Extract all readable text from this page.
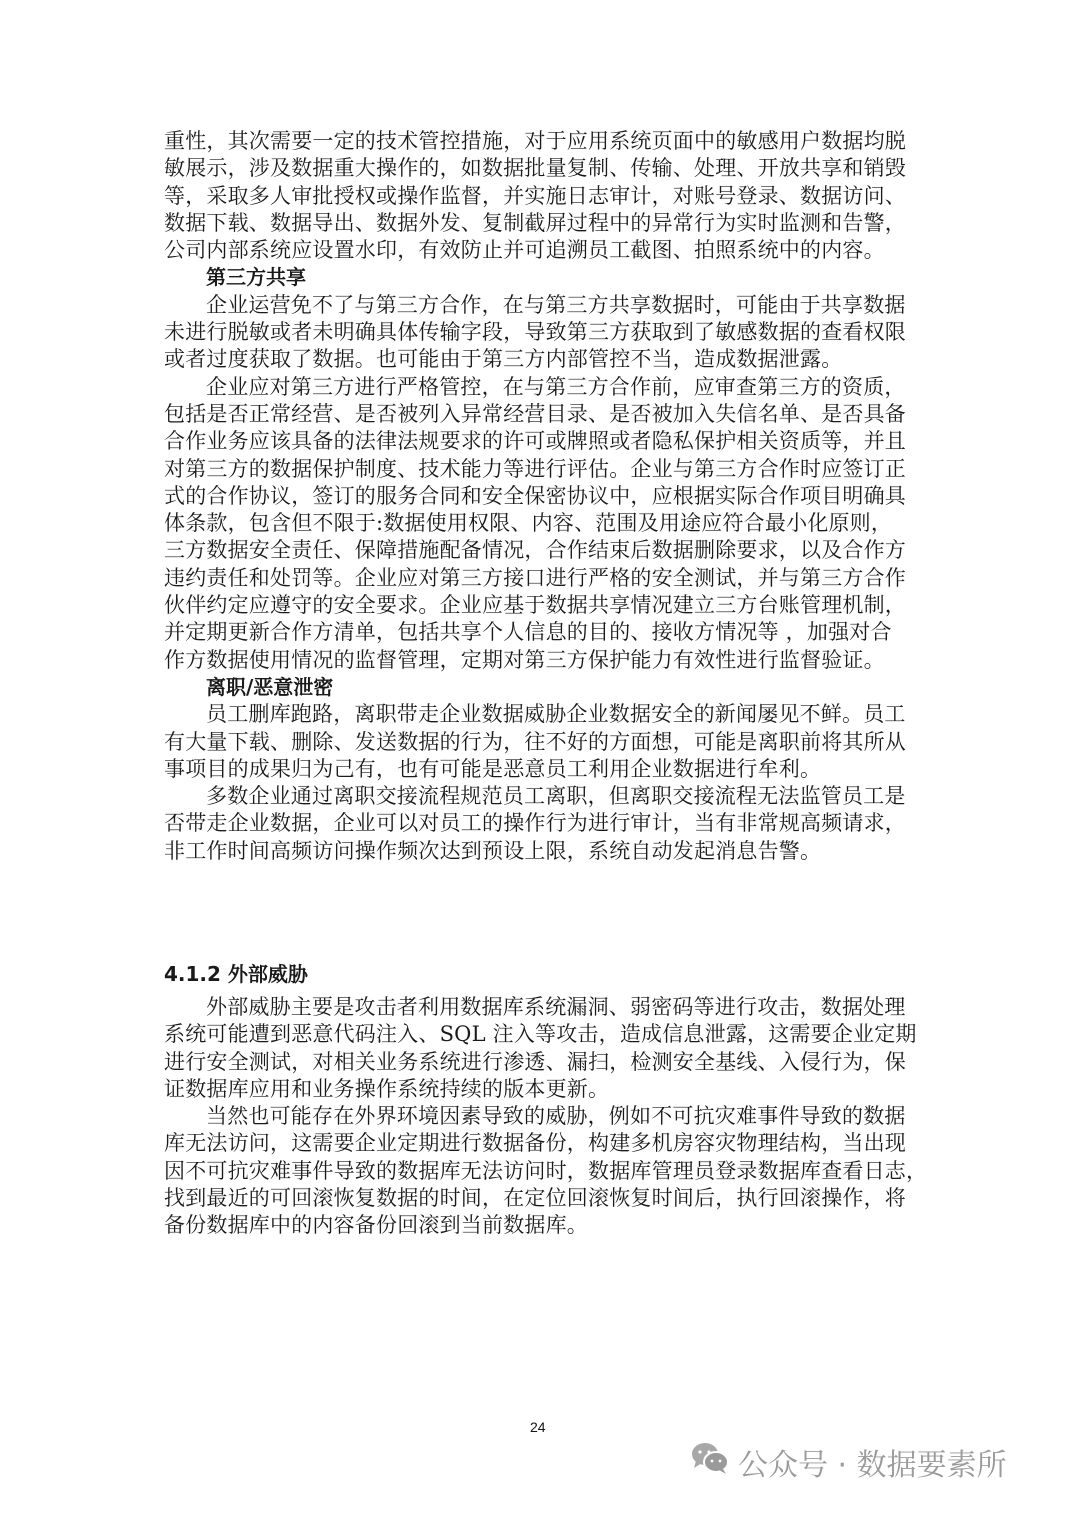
重性，其次需要一定的技术管控措施，对于应用系统页面中的敏感用户数据均脱
敏展示，涉及数据重大操作的，如数据批量复制、传输、处理、开放共享和销毁
等，采取多人审批授权或操作监督，并实施日志审计，对账号登录、数据访问、
数据下载、数据导出、数据外发、复制截屏过程中的异常行为实时监测和告警，
公司内部系统应设置水印，有效防止并可追溯员工截图、拍照系统中的内容。
第三方共享
企业运营免不了与第三方合作，在与第三方共享数据时，可能由于共享数据
未进行脱敏或者未明确具体传输字段，导致第三方获取到了敏感数据的查看权限
或者过度获取了数据。也可能由于第三方内部管控不当，造成数据泄露。
企业应对第三方进行严格管控，在与第三方合作前，应审查第三方的资质，
包括是否正常经营、是否被列入异常经营目录、是否被加入失信名单、是否具备
合作业务应该具备的法律法规要求的许可或牌照或者隐私保护相关资质等，并且
对第三方的数据保护制度、技术能力等进行评估。企业与第三方合作时应签订正
式的合作协议，签订的服务合同和安全保密协议中，应根据实际合作项目明确具
体条款，包含但不限于:数据使用权限、内容、范围及用途应符合最小化原则，
三方数据安全责任、保障措施配备情况，合作结束后数据删除要求，以及合作方
违约责任和处罚等。企业应对第三方接口进行严格的安全测试，并与第三方合作
伙伴约定应遵守的安全要求。企业应基于数据共享情况建立三方台账管理机制，
并定期更新合作方清单，包括共享个人信息的目的、接收方情况等 ，加强对合
作方数据使用情况的监督管理，定期对第三方保护能力有效性进行监督验证。
离职/恶意泄密
员工删库跑路，离职带走企业数据威胁企业数据安全的新闻屡见不鲜。员工
有大量下载、删除、发送数据的行为，往不好的方面想，可能是离职前将其所从
事项目的成果归为己有，也有可能是恶意员工利用企业数据进行牟利。
多数企业通过离职交接流程规范员工离职，但离职交接流程无法监管员工是
否带走企业数据，企业可以对员工的操作行为进行审计，当有非常规高频请求，
非工作时间高频访问操作频次达到预设上限，系统自动发起消息告警。
4.1.2 外部威胁
外部威胁主要是攻击者利用数据库系统漏洞、弱密码等进行攻击，数据处理
系统可能遭到恶意代码注入、SQL 注入等攻击，造成信息泄露，这需要企业定期
进行安全测试，对相关业务系统进行渗透、漏扫，检测安全基线、入侵行为，保
证数据库应用和业务操作系统持续的版本更新。
当然也可能存在外界环境因素导致的威胁，例如不可抗灾难事件导致的数据
库无法访问，这需要企业定期进行数据备份，构建多机房容灾物理结构，当出现
因不可抗灾难事件导致的数据库无法访问时，数据库管理员登录数据库查看日志，
找到最近的可回滚恢复数据的时间，在定位回滚恢复时间后，执行回滚操作，将
备份数据库中的内容备份回滚到当前数据库。
24
公众号 · 数据要素所
